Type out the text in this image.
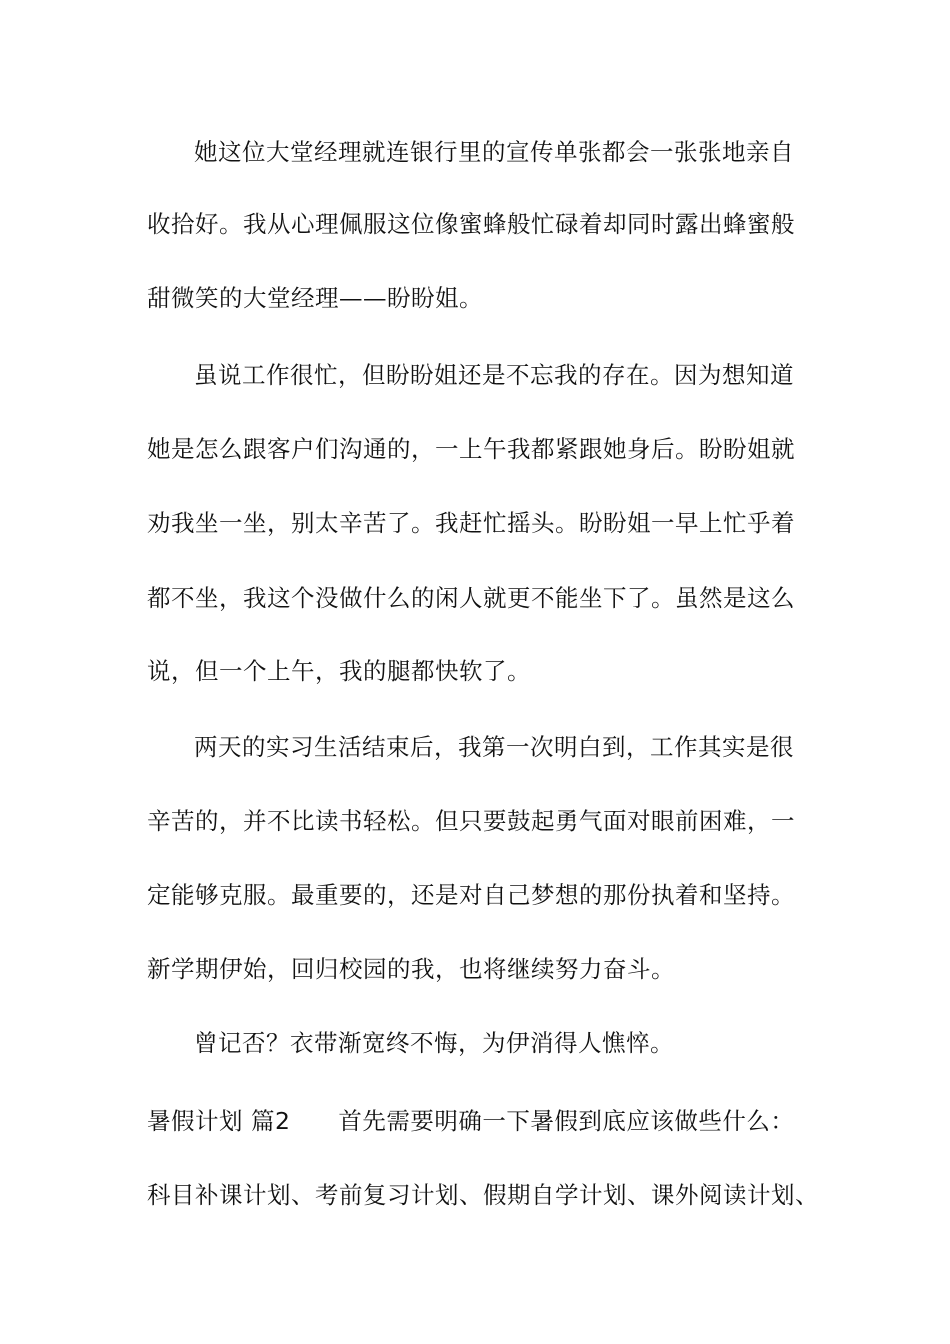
她这位大堂经理就连银行里的宣传单张都会一张张地亲自
收拾好。我从心理佩服这位像蜜蜂般忙碌着却同时露出蜂蜜般
甜微笑的大堂经理——盼盼姐。
虽说工作很忙，但盼盼姐还是不忘我的存在。因为想知道
她是怎么跟客户们沟通的，一上午我都紧跟她身后。盼盼姐就
劝我坐一坐，别太辛苦了。我赶忙摇头。盼盼姐一早上忙乎着
都不坐，我这个没做什么的闲人就更不能坐下了。虽然是这么
说，但一个上午，我的腿都快软了。
两天的实习生活结束后，我第一次明白到，工作其实是很
辛苦的，并不比读书轻松。但只要鼓起勇气面对眼前困难，一
定能够克服。最重要的，还是对自己梦想的那份执着和坚持。
新学期伊始，回归校园的我，也将继续努力奋斗。
曾记否？衣带渐宽终不悔，为伊消得人憔悴。
暑假计划 篇2 首先需要明确一下暑假到底应该做些什么：
科目补课计划、考前复习计划、假期自学计划、课外阅读计划、
